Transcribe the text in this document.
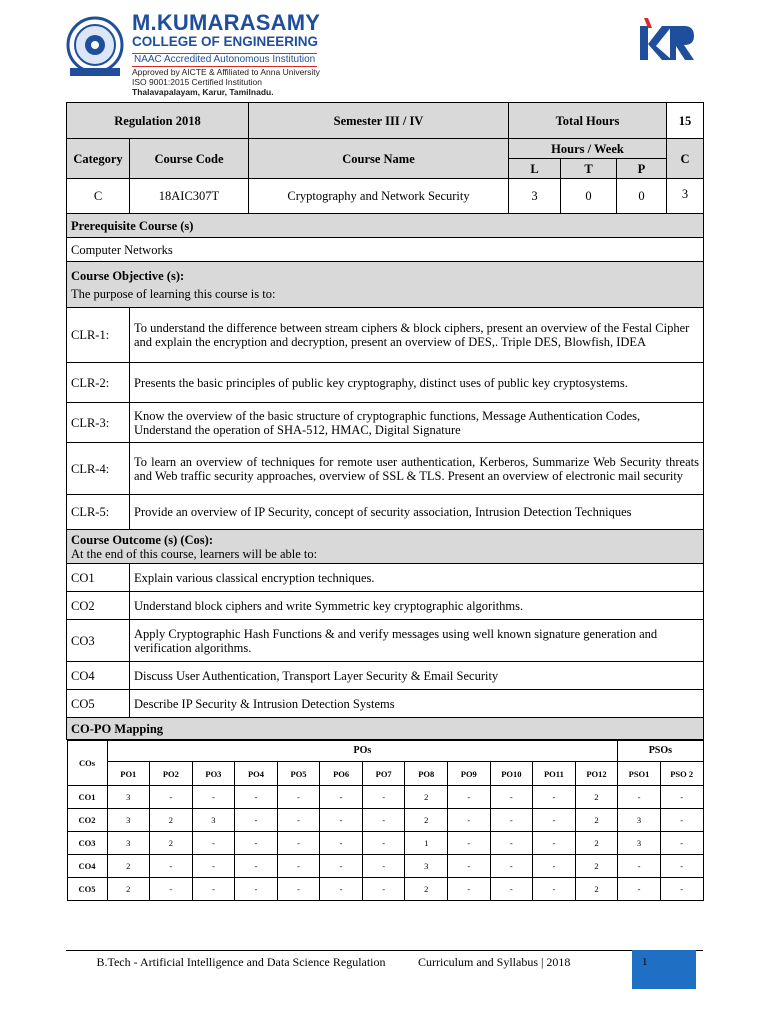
M.KUMARASAMY
COLLEGE OF ENGINEERING
NAAC Accredited Autonomous Institution
Approved by AICTE & Affiliated to Anna University
ISO 9001:2015 Certified Institution
Thalavapalayam, Karur, Tamilnadu.
Regulation 2018	Semester III / IV	Total Hours	15
Category	Course Code	Course Name	Hours / Week	C
L	T	P
C	18AIC307T	Cryptography and Network Security	3	0	0	3
Prerequisite Course (s)
Computer Networks

Course Objective (s):
The purpose of learning this course is to:

CLR-1:	To understand the difference between stream ciphers & block ciphers, present an overview of the Festal Cipher and explain the encryption and decryption, present an overview of DES,. Triple DES, Blowfish, IDEA
CLR-2:	Presents the basic principles of public key cryptography, distinct uses of public key cryptosystems.
CLR-3:	Know the overview of the basic structure of cryptographic functions, Message Authentication Codes, Understand the operation of SHA-512, HMAC, Digital Signature
CLR-4:	To learn an overview of techniques for remote user authentication, Kerberos, Summarize Web Security threats and Web traffic security approaches, overview of SSL & TLS. Present an overview of electronic mail security
CLR-5:	Provide an overview of IP Security, concept of security association, Intrusion Detection Techniques

Course Outcome (s) (Cos):
At the end of this course, learners will be able to:

CO1	Explain various classical encryption techniques.
CO2	Understand block ciphers and write Symmetric key cryptographic algorithms.
CO3	Apply Cryptographic Hash Functions & and verify messages using well known signature generation and verification algorithms.
CO4	Discuss User Authentication, Transport Layer Security & Email Security
CO5	Describe IP Security & Intrusion Detection Systems
CO-PO Mapping

COs	POs	PSOs
PO1	PO2	PO3	PO4	PO5	PO6	PO7	PO8	PO9	PO10	PO11	PO12	PSO1	PSO 2
CO1	3	-	-	-	-	-	-	2	-	-	-	2	-	-
CO2	3	2	3	-	-	-	-	2	-	-	-	2	3	-
CO3	3	2	-	-	-	-	-	1	-	-	-	2	3	-
CO4	2	-	-	-	-	-	-	3	-	-	-	2	-	-
CO5	2	-	-	-	-	-	-	2	-	-	-	2	-	-
B.Tech - Artificial Intelligence and Data Science Regulation	Curriculum and Syllabus | 2018	1
